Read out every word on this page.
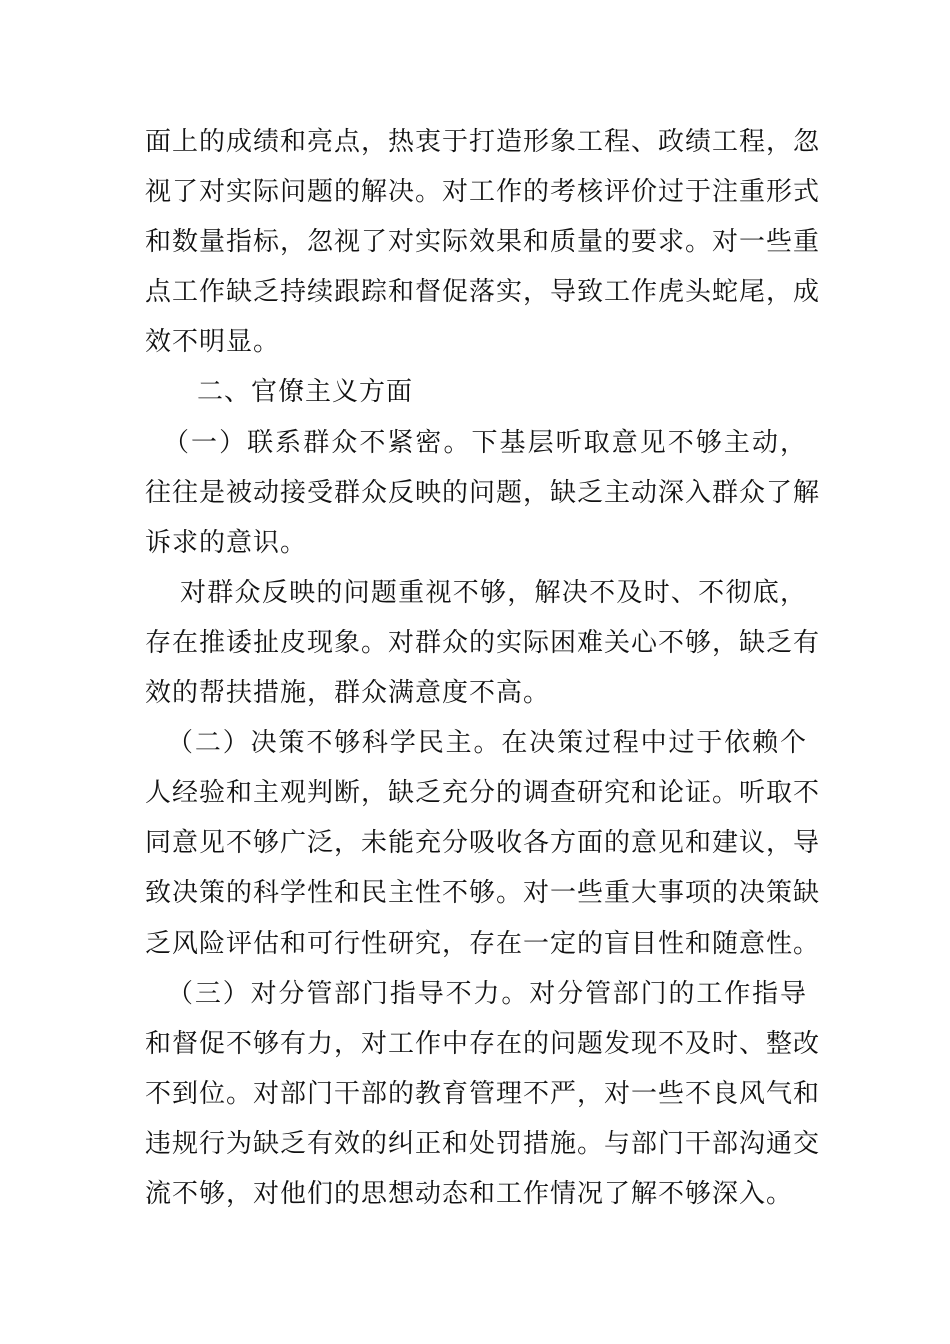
面上的成绩和亮点，热衷于打造形象工程、政绩工程，忽
视了对实际问题的解决。对工作的考核评价过于注重形式
和数量指标，忽视了对实际效果和质量的要求。对一些重
点工作缺乏持续跟踪和督促落实，导致工作虎头蛇尾，成
效不明显。
二、官僚主义方面
（一）联系群众不紧密。下基层听取意见不够主动，
往往是被动接受群众反映的问题，缺乏主动深入群众了解
诉求的意识。
对群众反映的问题重视不够，解决不及时、不彻底，
存在推诿扯皮现象。对群众的实际困难关心不够，缺乏有
效的帮扶措施，群众满意度不高。
（二）决策不够科学民主。在决策过程中过于依赖个
人经验和主观判断，缺乏充分的调查研究和论证。听取不
同意见不够广泛，未能充分吸收各方面的意见和建议，导
致决策的科学性和民主性不够。对一些重大事项的决策缺
乏风险评估和可行性研究，存在一定的盲目性和随意性。
（三）对分管部门指导不力。对分管部门的工作指导
和督促不够有力，对工作中存在的问题发现不及时、整改
不到位。对部门干部的教育管理不严，对一些不良风气和
违规行为缺乏有效的纠正和处罚措施。与部门干部沟通交
流不够，对他们的思想动态和工作情况了解不够深入。
